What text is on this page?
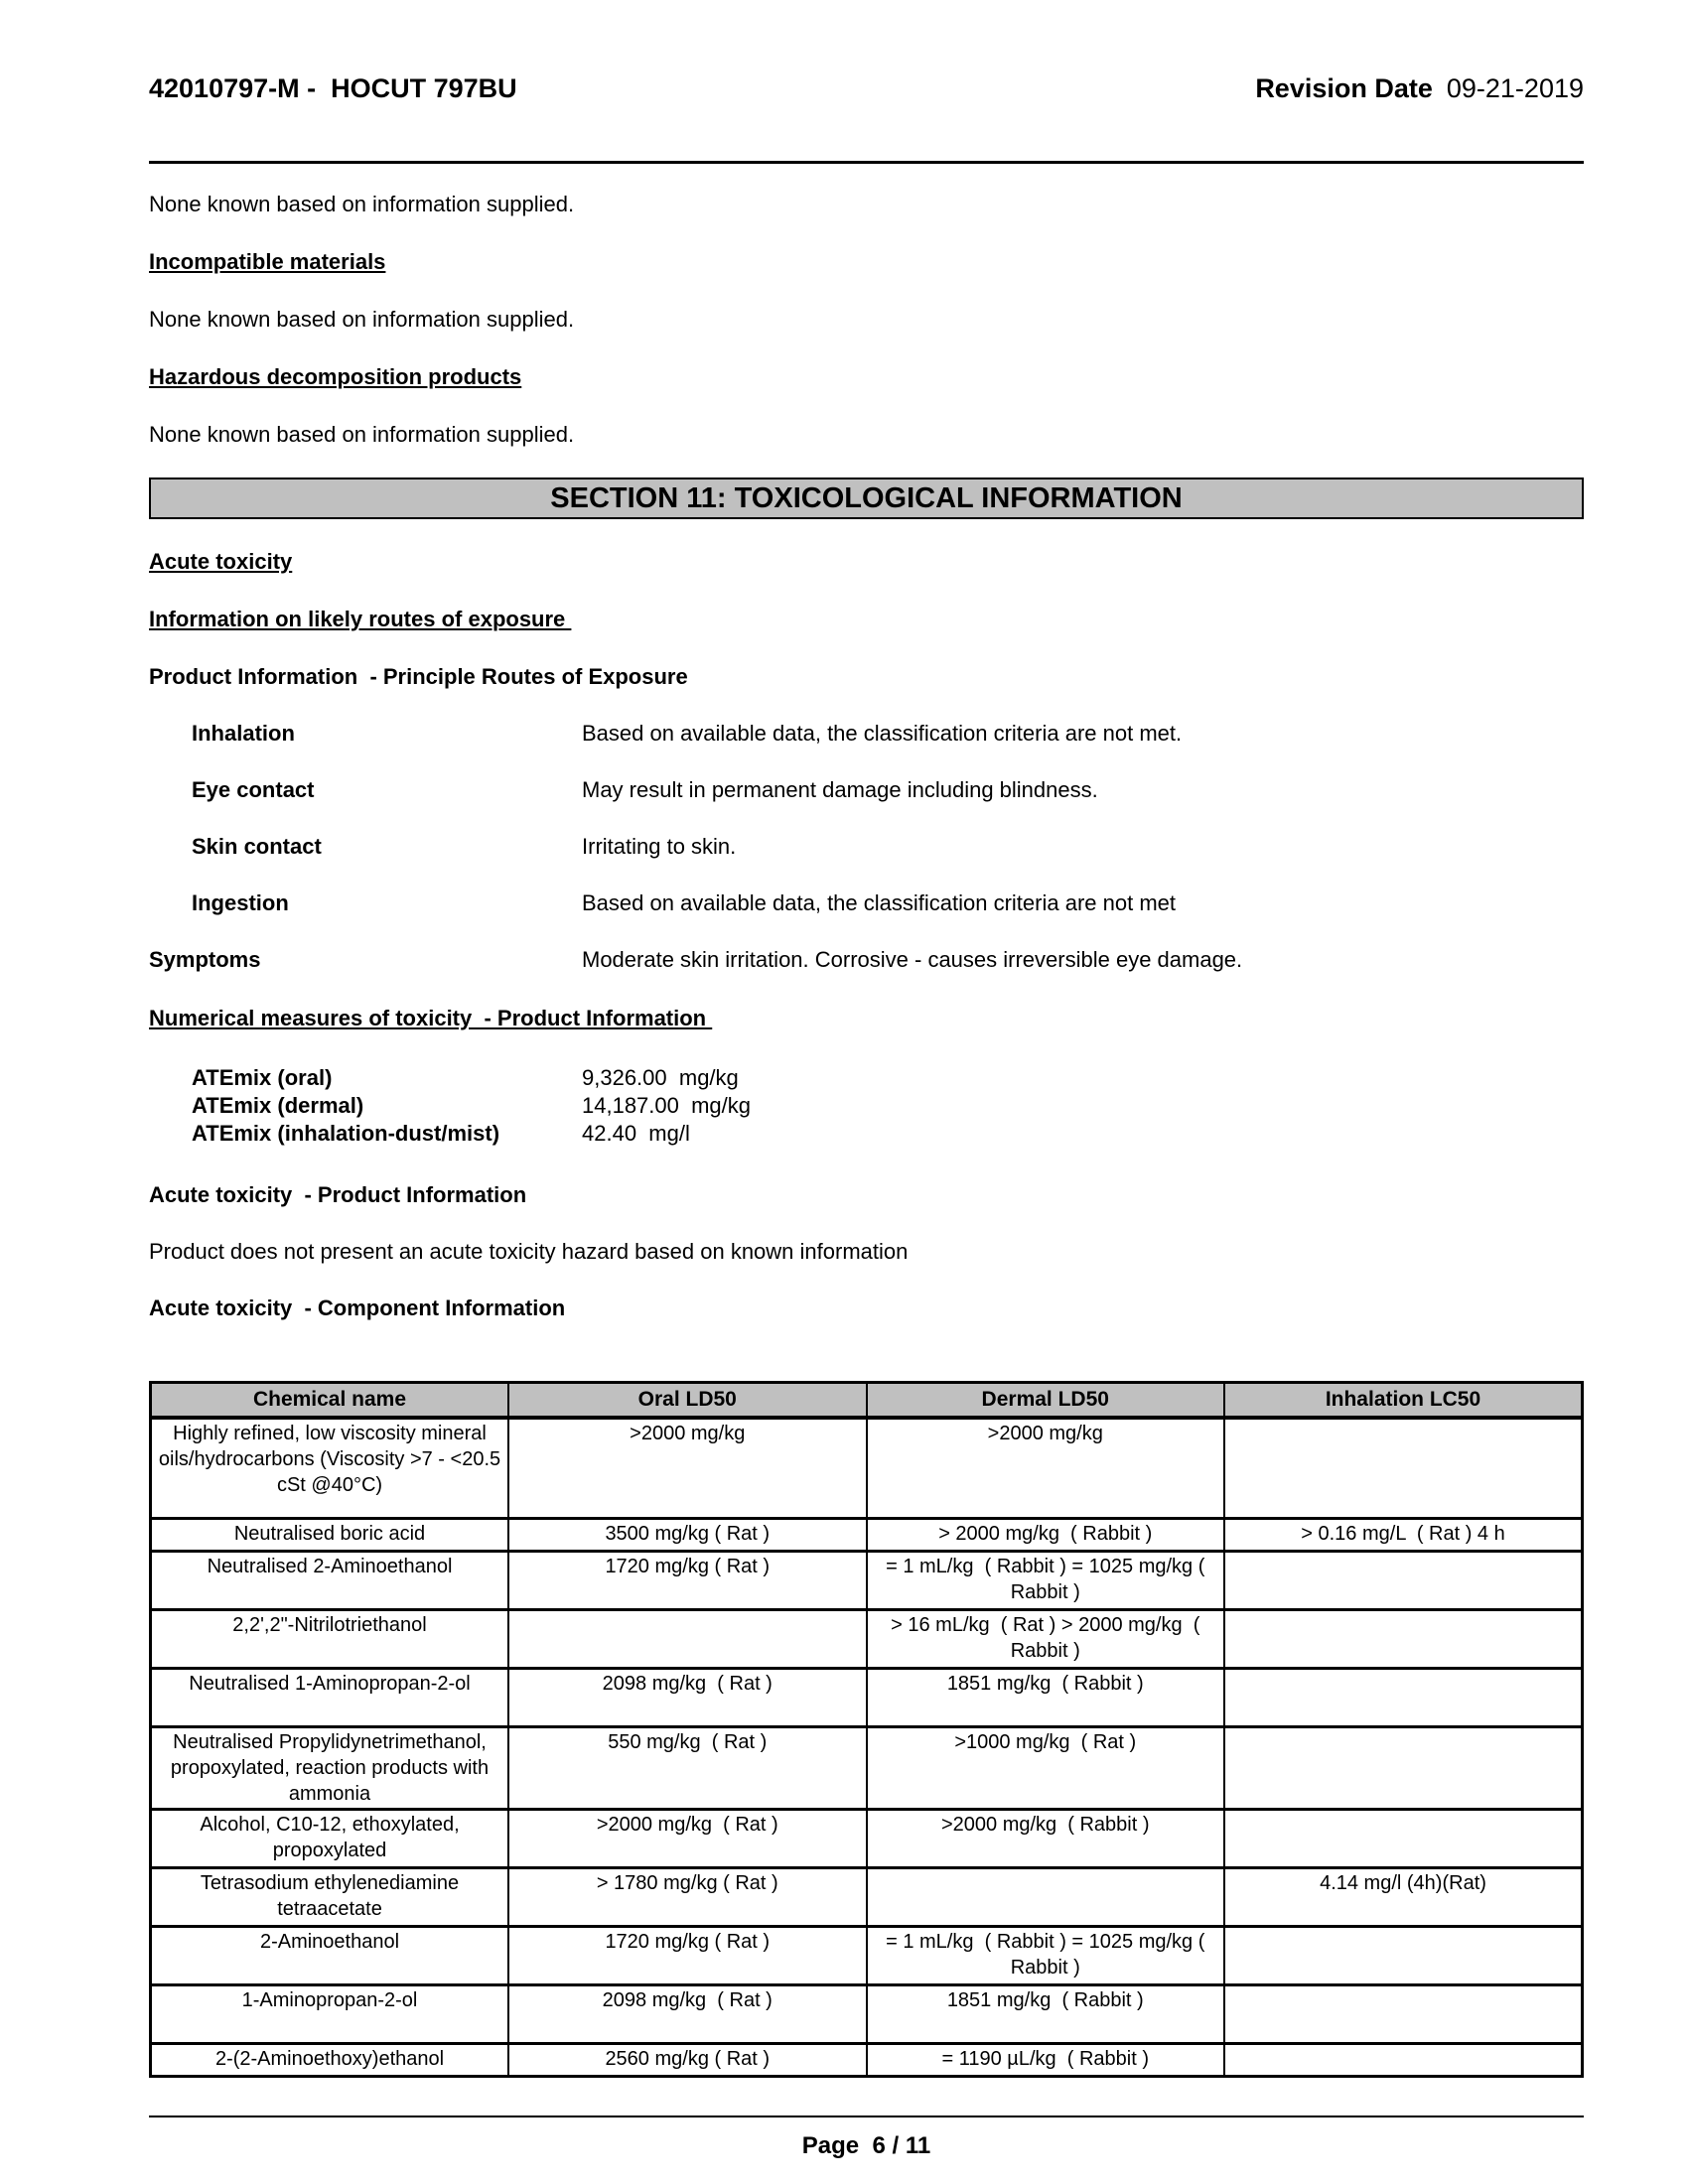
42010797-M -  HOCUT 797BU	Revision Date 09-21-2019
None known based on information supplied.
Incompatible materials
None known based on information supplied.
Hazardous decomposition products
None known based on information supplied.
SECTION 11: TOXICOLOGICAL INFORMATION
Acute toxicity
Information on likely routes of exposure
Product Information  - Principle Routes of Exposure
Inhalation	Based on available data, the classification criteria are not met.
Eye contact	May result in permanent damage including blindness.
Skin contact	Irritating to skin.
Ingestion	Based on available data, the classification criteria are not met
Symptoms	Moderate skin irritation. Corrosive - causes irreversible eye damage.
Numerical measures of toxicity  - Product Information
ATEmix (oral)	9,326.00  mg/kg
ATEmix (dermal)	14,187.00  mg/kg
ATEmix (inhalation-dust/mist)	42.40  mg/l
Acute toxicity  - Product Information
Product does not present an acute toxicity hazard based on known information
Acute toxicity  - Component Information
Chemical name	Oral LD50	Dermal LD50	Inhalation LC50
Highly refined, low viscosity mineral oils/hydrocarbons (Viscosity >7 - <20.5 cSt @40°C)	>2000 mg/kg	>2000 mg/kg	
Neutralised boric acid	3500 mg/kg ( Rat )	> 2000 mg/kg  ( Rabbit )	> 0.16 mg/L  ( Rat ) 4 h
Neutralised 2-Aminoethanol	1720 mg/kg ( Rat )	= 1 mL/kg  ( Rabbit ) = 1025 mg/kg ( Rabbit )	
2,2',2"-Nitrilotriethanol		> 16 mL/kg  ( Rat ) > 2000 mg/kg  ( Rabbit )	
Neutralised 1-Aminopropan-2-ol	2098 mg/kg  ( Rat )	1851 mg/kg  ( Rabbit )	
Neutralised Propylidynetrimethanol, propoxylated, reaction products with ammonia	550 mg/kg  ( Rat )	>1000 mg/kg  ( Rat )	
Alcohol, C10-12, ethoxylated, propoxylated	>2000 mg/kg  ( Rat )	>2000 mg/kg  ( Rabbit )	
Tetrasodium ethylenediamine tetraacetate	> 1780 mg/kg ( Rat )		4.14 mg/l (4h)(Rat)
2-Aminoethanol	1720 mg/kg ( Rat )	= 1 mL/kg  ( Rabbit ) = 1025 mg/kg ( Rabbit )	
1-Aminopropan-2-ol	2098 mg/kg  ( Rat )	1851 mg/kg  ( Rabbit )	
2-(2-Aminoethoxy)ethanol	2560 mg/kg ( Rat )	= 1190 µL/kg  ( Rabbit )	
Page  6 / 11
